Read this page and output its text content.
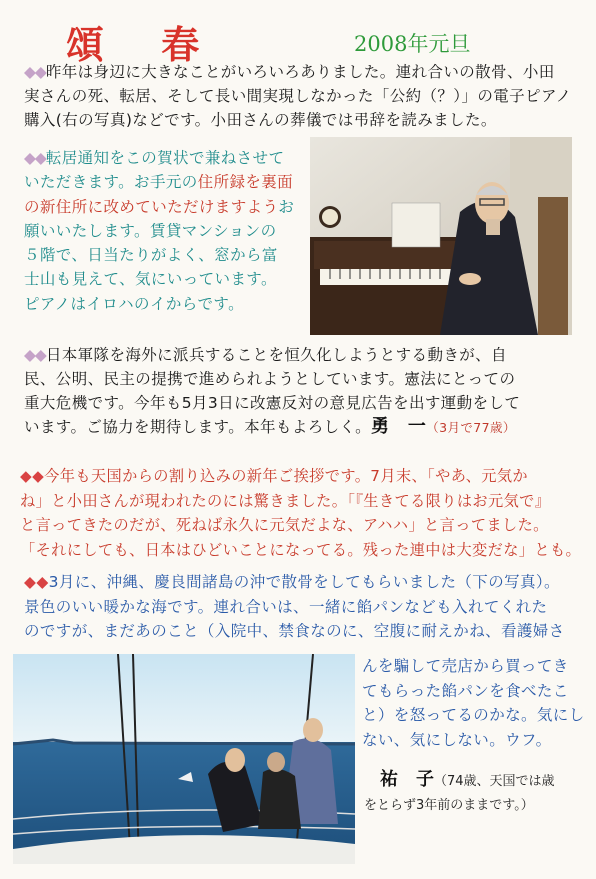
頌 春	2008年元旦
◆◆昨年は身辺に大きなことがいろいろありました。連れ合いの散骨、小田
実さんの死、転居、そして長い間実現しなかった「公約（？）」の電子ピアノ
購入(右の写真)などです。小田さんの葬儀では弔辞を読みました。
◆◆転居通知をこの賀状で兼ねさせて
いただきます。お手元の住所録を裏面
の新住所に改めていただけますようお
願いいたします。賃貸マンションの
５階で、日当たりがよく、窓から富
士山も見えて、気にいっています。
ピアノはイロハのイからです。
◆◆日本軍隊を海外に派兵することを恒久化しようとする動きが、自
民、公明、民主の提携で進められようとしています。憲法にとっての
重大危機です。今年も5月3日に改憲反対の意見広告を出す運動をして
います。ご協力を期待します。本年もよろしく。勇　一（3月で77歳）
◆◆今年も天国からの割り込みの新年ご挨拶です。7月末、「やあ、元気か
ね」と小田さんが現われたのには驚きました。「『生きてる限りはお元気で』
と言ってきたのだが、死ねば永久に元気だよな、アハハ」と言ってました。
「それにしても、日本はひどいことになってる。残った連中は大変だな」とも。
◆◆3月に、沖縄、慶良間諸島の沖で散骨をしてもらいました（下の写真）。
景色のいい暖かな海です。連れ合いは、一緒に餡パンなども入れてくれた
のですが、まだあのこと（入院中、禁食なのに、空腹に耐えかね、看護婦さ
んを騙して売店から買ってき
てもらった餡パンを食べたこ
と）を怒ってるのかな。気にし
ない、気にしない。ウフ。
祐　子（74歳、天国では歳
をとらず3年前のままです。）
